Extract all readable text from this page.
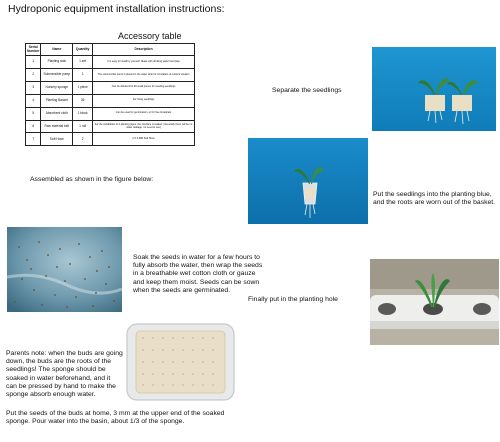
Hydroponic equipment installation instructions:
Accessory table
Serial Number	Name	Quantity	Description
1	Planting rack	1 set	It is easy to install by yourself. Made with drinking water food pipe
2	Submersible pump	1	The submersible pump is placed in the water tank for circulation of nutrient solution
3	Nursery sponge	1 piece	Can be divided into 96 small pieces for seeding seedlings
4	Planting Basket	36	For fixing seedlings
5	Absorbent cloth	1 block	Can be used for germination, or for free broadcast
6	Raw material belt	1 roll	For the installation of 4 planting pipes, the interface is leaked. (Generally there will be no water leakage, no need to use)
7	Soft Hose	2	2 X 0.98ft Soft Hose
Assembled as shown in the figure below:
Soak the seeds in water for a few hours to fully absorb the water, then wrap the seeds in a breathable wet cotton cloth or gauze and keep them moist. Seeds can be sown when the seeds are germinated.
Parents note: when the buds are going down, the buds are the roots of the seedlings! The sponge should be soaked in water beforehand, and it can be pressed by hand to make the sponge absorb enough water.
Put the seeds of the buds at home, 3 mm at the upper end of the soaked sponge. Pour water into the basin, about 1/3 of the sponge.
Separate the seedlings
Put the seedlings into the planting blue, and the roots are worn out of the basket.
Finally put in the planting hole
